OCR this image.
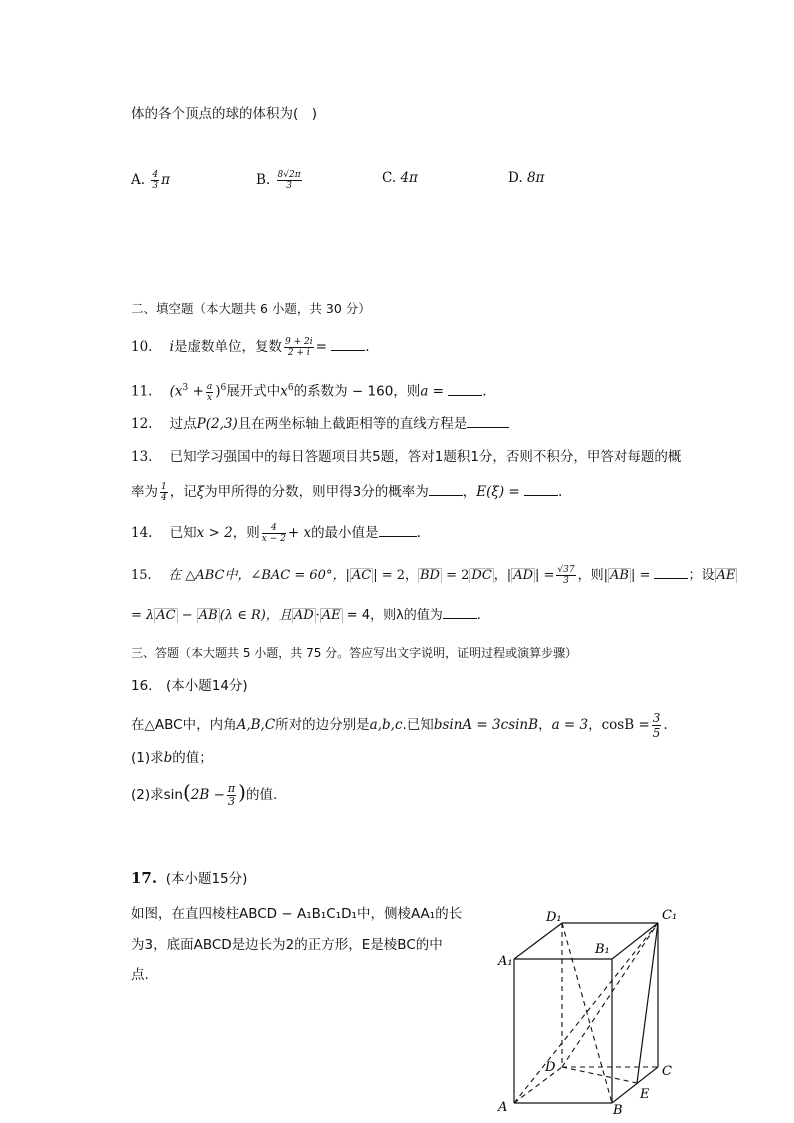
体的各个顶点的球的体积为(　)
A. $\frac{4}{3}$ π	B. $\frac{8√2\pi}{3}$	C. 4π	D. 8π
二、填空题（本大题共 6 小题，共 30 分）
10. i是虚数单位，复数 $\frac{9 + 2i}{2 + i}$ =	.
11. $(x^3 + \frac{a}{x} )^6$展开式中$x^6$的系数为 − 160，则a =	.
12. 过点P(2,3)且在两坐标轴上截距相等的直线方程是
13. 已知学习强国中的每日答题项目共5题，答对1题积1分，否则不积分，甲答对每题的概
率为 $\frac{1}{4}$ ，记ξ为甲所得的分数，则甲得3分的概率为	，E(ξ) =	.
14. 已知x > 2，则 $\frac{4}{x - 2} + x$的最小值是	.
15. 在 △ABC中，∠BAC = 60°，| AC | = 2， BD = 2 DC ，| AD | = $\frac{√37}{3}$ ，则| AB | =	；设 AE
= λ AC − AB (λ ∈ R)，且 AD · AE = 4，则λ的值为	.
三、答题（本大题共 5 小题，共 75 分。答应写出文字说明，证明过程或演算步骤）
16.　(本小题14分)
在△ABC中，内角A,B,C所对的边分别是a,b,c.已知bsinA = 3csinB，a = 3，$\cos B = \frac{3}{5}$ .
(1)求b的值；
(2)求$\sin(2B - \frac{\pi}{3}$ )的值.
17. (本小题15分)
如图，在直四棱柱ABCD − A₁B₁C₁D₁中，侧棱AA₁的长
为3，底面ABCD是边长为2的正方形，E是棱BC的中
点.
D₁	C₁
B₁
A₁
D	C
E
A	B
